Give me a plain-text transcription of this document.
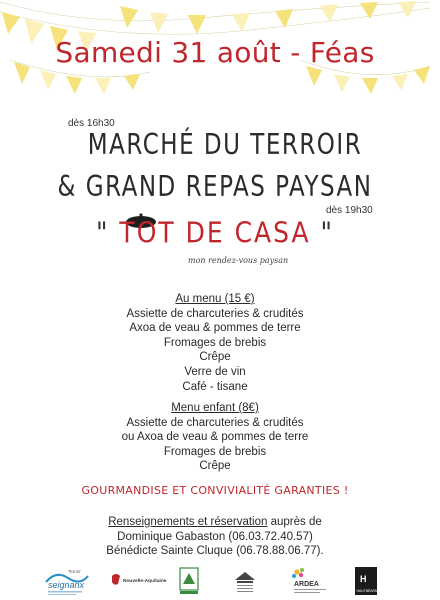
Samedi 31 août - Féas
dès 16h30
MARCHÉ DU TERROIR
& GRAND REPAS PAYSAN
dès 19h30
" TOT DE CASA "
mon rendez-vous paysan
Au menu (15 €)
Assiette de charcuteries & crudités
Axoa de veau & pommes de terre
Fromages de brebis
Crêpe
Verre de vin
Café - tisane
Menu enfant (8€)
Assiette de charcuteries & crudités
ou Axoa de veau & pommes de terre
Fromages de brebis
Crêpe
GOURMANDISE ET CONVIVIALITÉ GARANTIES !
Renseignements et réservation auprès de
Dominique Gabaston (06.03.72.40.57)
Bénédicte Sainte Cluque (06.78.88.06.77).
seignanx
Terroir
Nouvelle-Aquitaine	ARDEA
H
HAUTBÉARN
